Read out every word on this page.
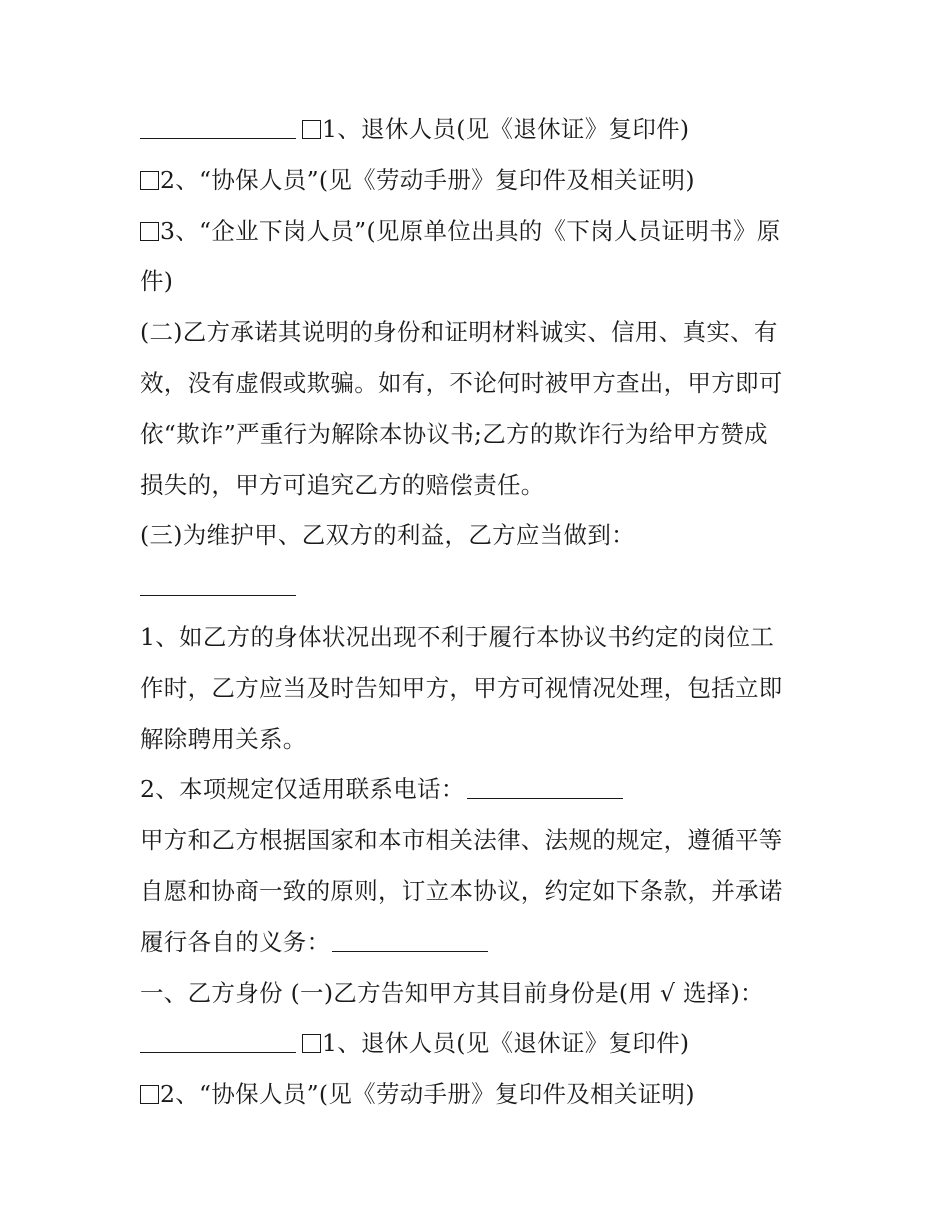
1、退休人员(见《退休证》复印件)
2、“协保人员”(见《劳动手册》复印件及相关证明)
3、“企业下岗人员”(见原单位出具的《下岗人员证明书》原
件)
(二)乙方承诺其说明的身份和证明材料诚实、信用、真实、有
效，没有虚假或欺骗。如有，不论何时被甲方查出，甲方即可
依“欺诈”严重行为解除本协议书;乙方的欺诈行为给甲方赞成
损失的，甲方可追究乙方的赔偿责任。
(三)为维护甲、乙双方的利益，乙方应当做到：
1、如乙方的身体状况出现不利于履行本协议书约定的岗位工
作时，乙方应当及时告知甲方，甲方可视情况处理，包括立即
解除聘用关系。
2、本项规定仅适用联系电话：
甲方和乙方根据国家和本市相关法律、法规的规定，遵循平等
自愿和协商一致的原则，订立本协议，约定如下条款，并承诺
履行各自的义务：
一、乙方身份 (一)乙方告知甲方其目前身份是(用 √ 选择)：
1、退休人员(见《退休证》复印件)
2、“协保人员”(见《劳动手册》复印件及相关证明)
